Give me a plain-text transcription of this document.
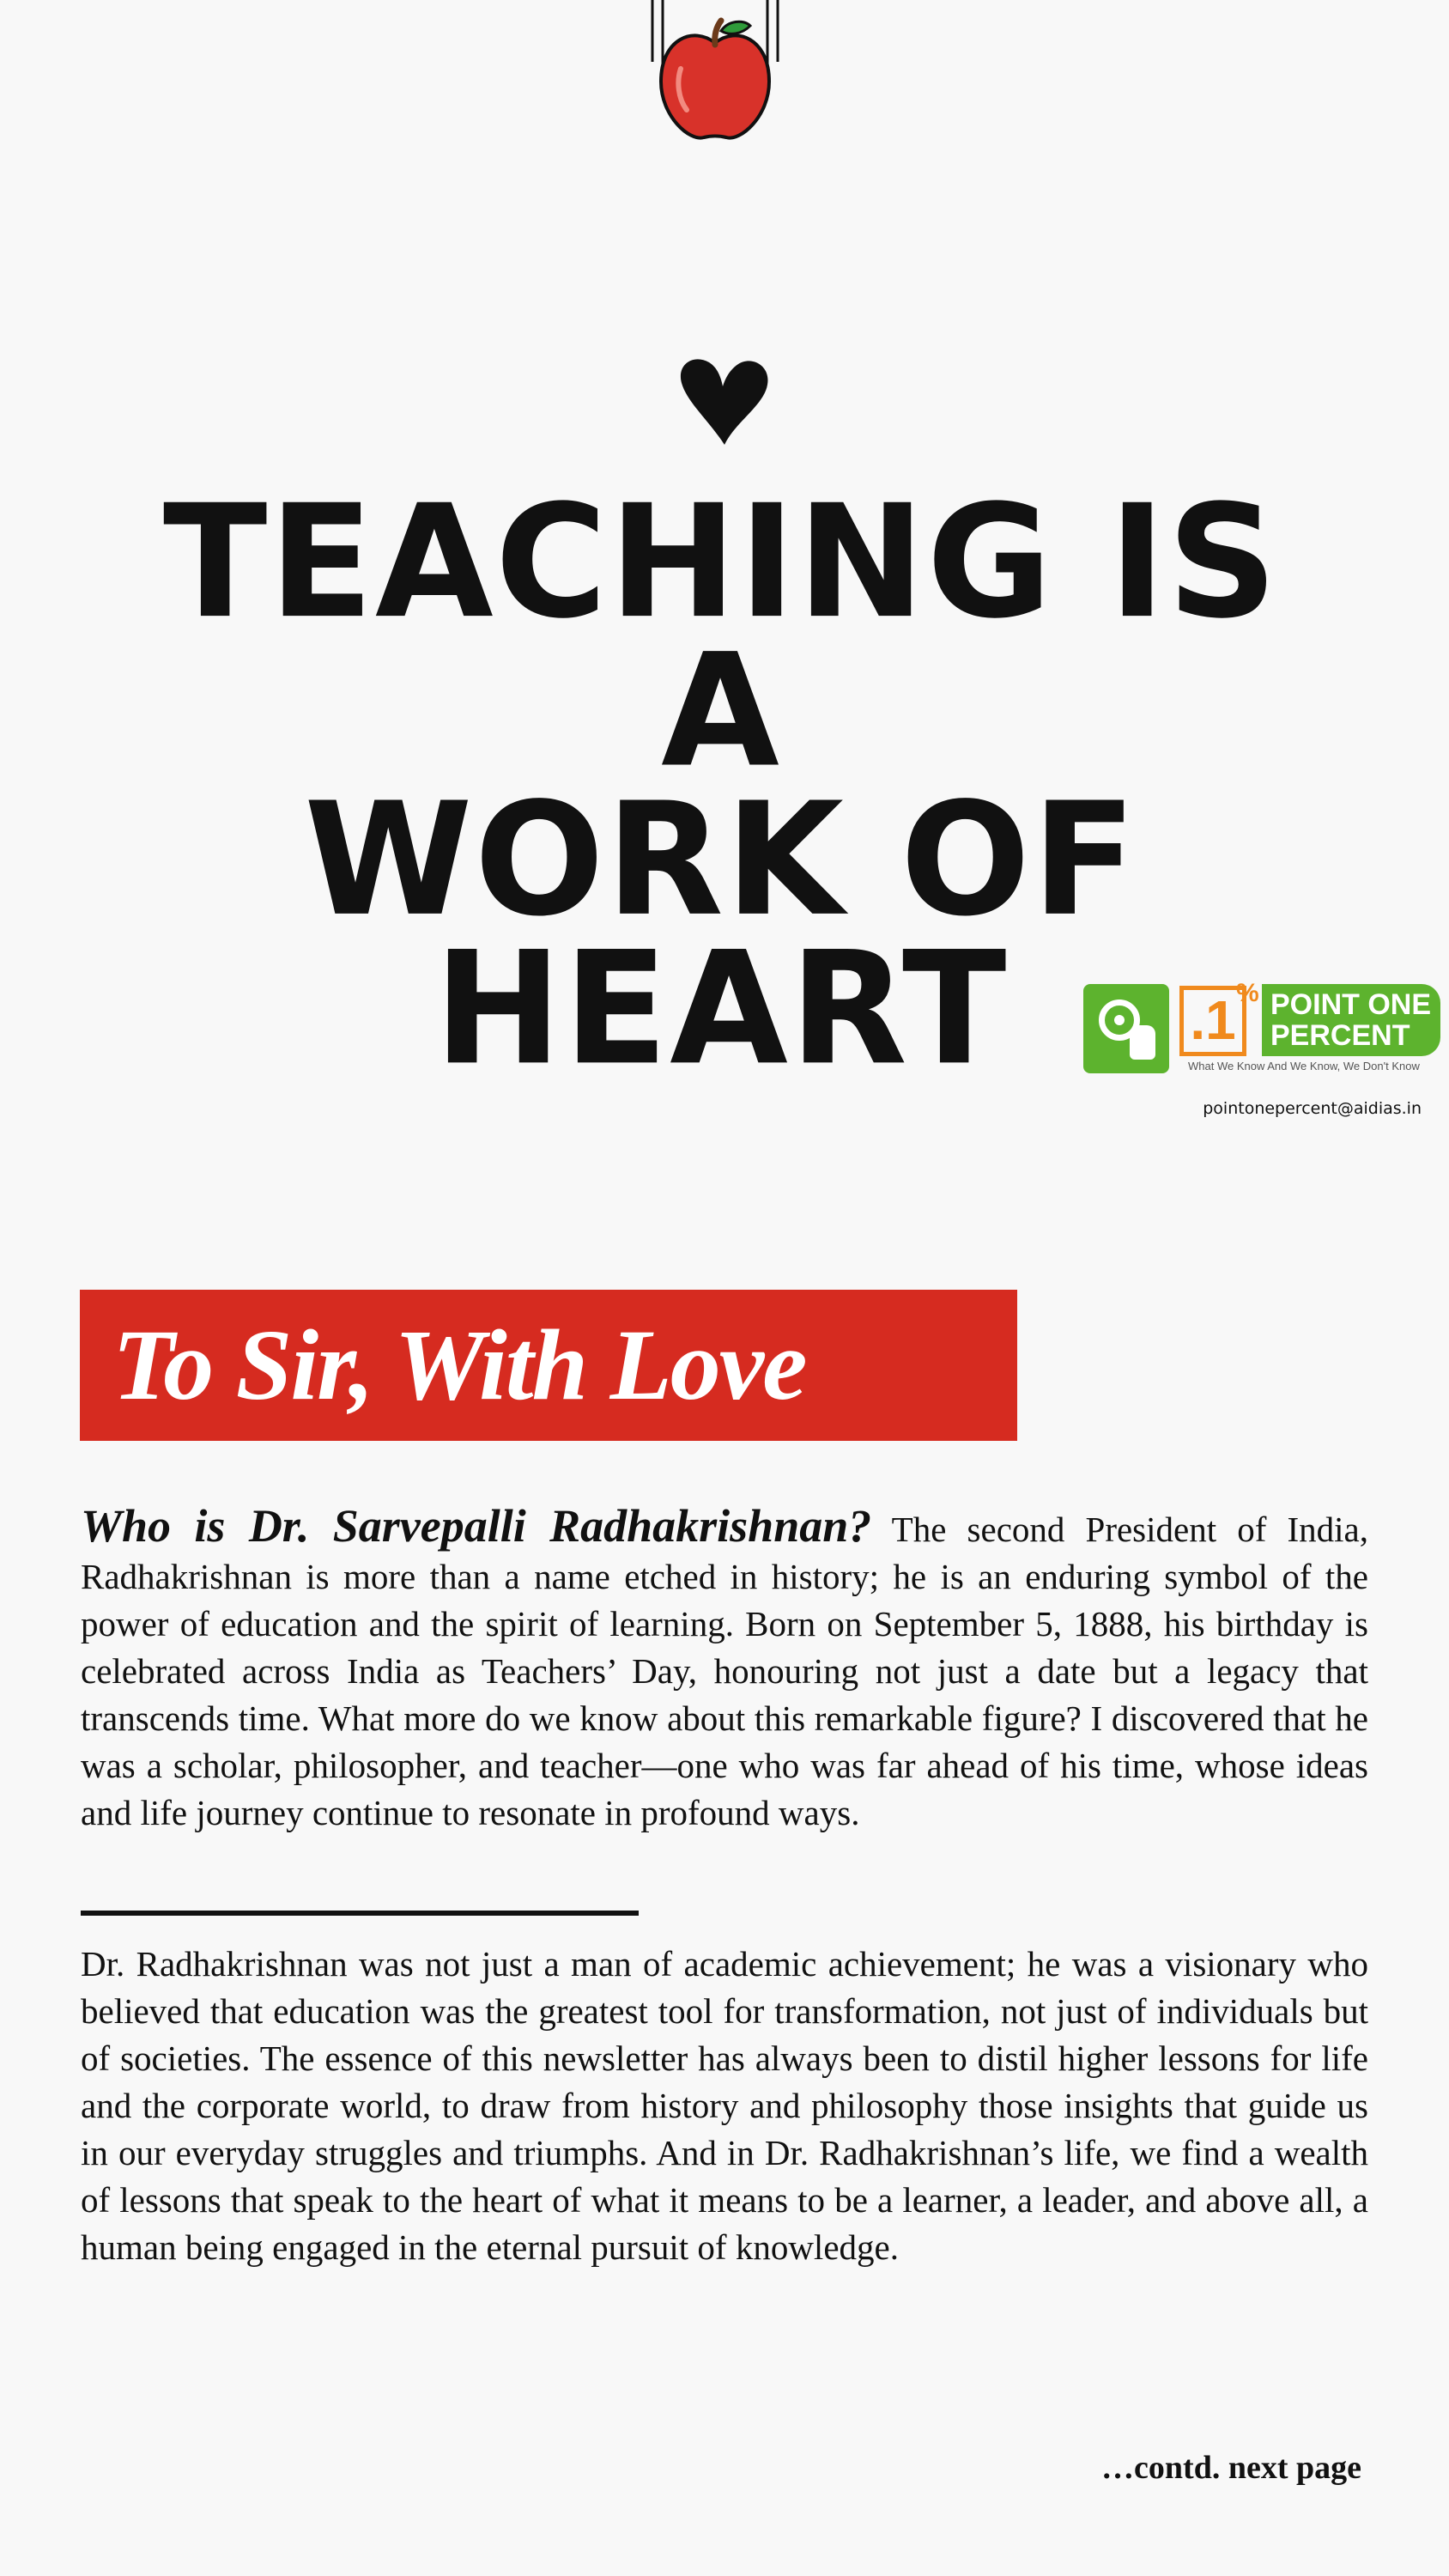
TEACHING IS A
WORK OF HEART	.1 % POINT ONE
PERCENT
What We Know And We Know, We Don't Know
pointonepercent@aidias.in
To Sir, With Love

Who is Dr. Sarvepalli Radhakrishnan? The second President of India, Radhakrishnan is more than a name etched in history; he is an enduring symbol of the power of education and the spirit of learning. Born on September 5, 1888, his birthday is celebrated across India as Teachers’ Day, honouring not just a date but a legacy that transcends time. What more do we know about this remarkable figure? I discovered that he was a scholar, philosopher, and teacher—one who was far ahead of his time, whose ideas and life journey continue to resonate in profound ways.

Dr. Radhakrishnan was not just a man of academic achievement; he was a visionary who believed that education was the greatest tool for transformation, not just of individuals but of societies. The essence of this newsletter has always been to distil higher lessons for life and the corporate world, to draw from history and philosophy those insights that guide us in our everyday struggles and triumphs. And in Dr. Radhakrishnan’s life, we find a wealth of lessons that speak to the heart of what it means to be a learner, a leader, and above all, a human being engaged in the eternal pursuit of knowledge.

…contd. next page
